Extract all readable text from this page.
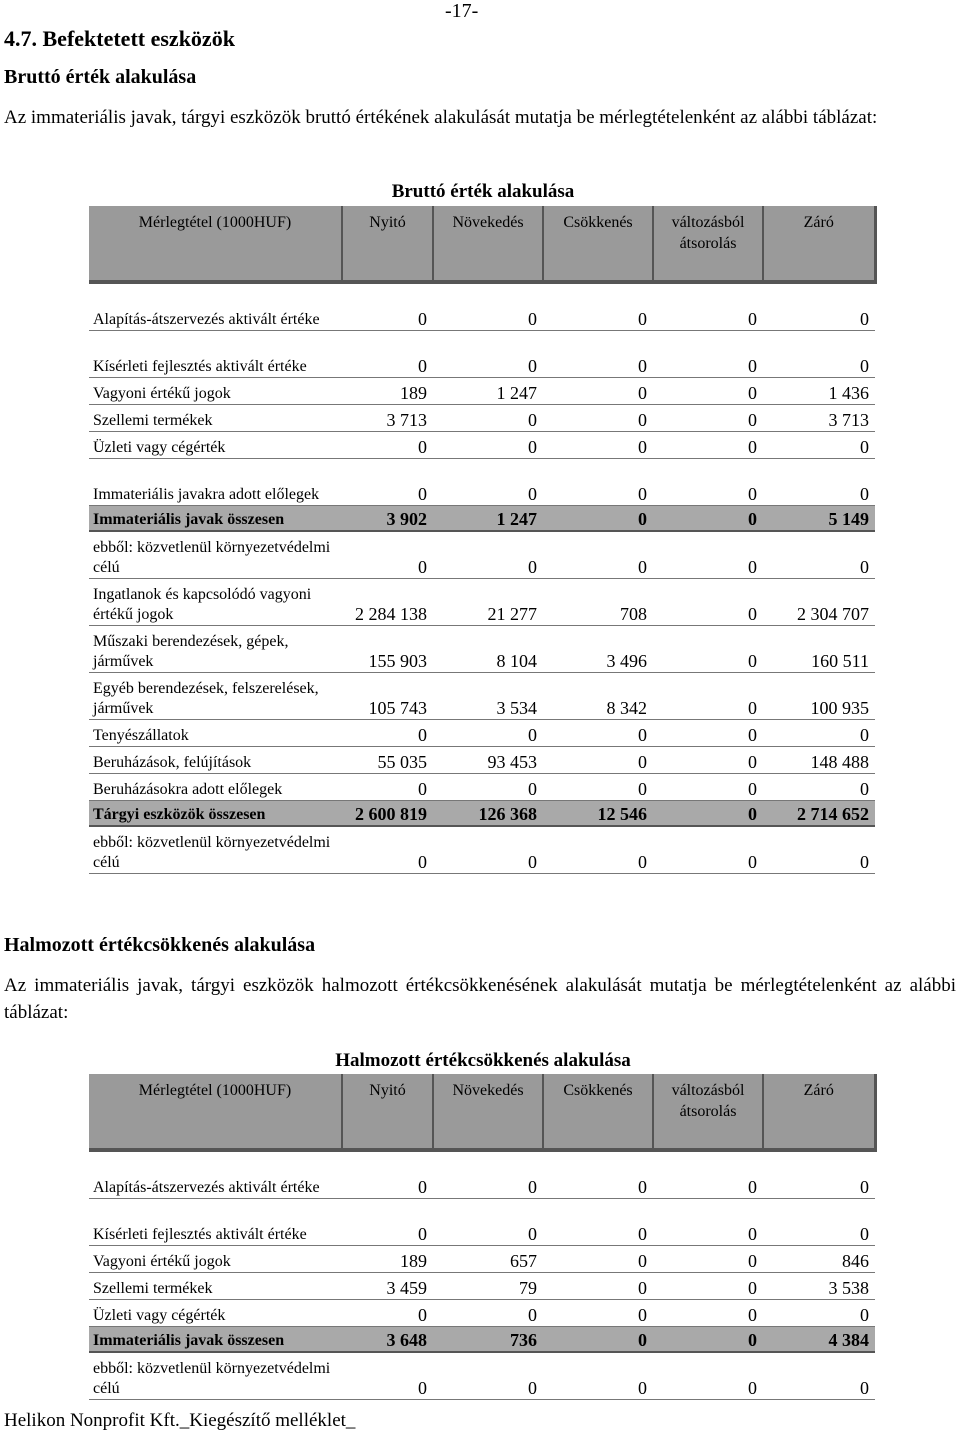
-17-
4.7. Befektetett eszközök
Bruttó érték alakulása
Az immateriális javak, tárgyi eszközök bruttó értékének alakulását mutatja be mérlegtételenként az alábbi táblázat:
Bruttó érték alakulása
Mérlegtétel (1000HUF)	Nyitó	Növekedés	Csökkenés	változásból átsorolás	Záró
Alapítás-átszervezés aktivált értéke	0	0	0	0	0
Kísérleti fejlesztés aktivált értéke	0	0	0	0	0
Vagyoni értékű jogok	189	1 247	0	0	1 436
Szellemi termékek	3 713	0	0	0	3 713
Üzleti vagy cégérték	0	0	0	0	0
Immateriális javakra adott előlegek	0	0	0	0	0
Immateriális javak összesen	3 902	1 247	0	0	5 149
ebből: közvetlenül környezetvédelmi célú	0	0	0	0	0
Ingatlanok és kapcsolódó vagyoni értékű jogok	2 284 138	21 277	708	0	2 304 707
Műszaki berendezések, gépek, járművek	155 903	8 104	3 496	0	160 511
Egyéb berendezések, felszerelések, járművek	105 743	3 534	8 342	0	100 935
Tenyészállatok	0	0	0	0	0
Beruházások, felújítások	55 035	93 453	0	0	148 488
Beruházásokra adott előlegek	0	0	0	0	0
Tárgyi eszközök összesen	2 600 819	126 368	12 546	0	2 714 652
ebből: közvetlenül környezetvédelmi célú	0	0	0	0	0
Halmozott értékcsökkenés alakulása
Az immateriális javak, tárgyi eszközök halmozott értékcsökkenésének alakulását mutatja be mérlegtételenként az alábbi táblázat:
Halmozott értékcsökkenés alakulása
Mérlegtétel (1000HUF)	Nyitó	Növekedés	Csökkenés	változásból átsorolás	Záró
Alapítás-átszervezés aktivált értéke	0	0	0	0	0
Kísérleti fejlesztés aktivált értéke	0	0	0	0	0
Vagyoni értékű jogok	189	657	0	0	846
Szellemi termékek	3 459	79	0	0	3 538
Üzleti vagy cégérték	0	0	0	0	0
Immateriális javak összesen	3 648	736	0	0	4 384
ebből: közvetlenül környezetvédelmi célú	0	0	0	0	0
Helikon Nonprofit Kft._Kiegészítő melléklet_
